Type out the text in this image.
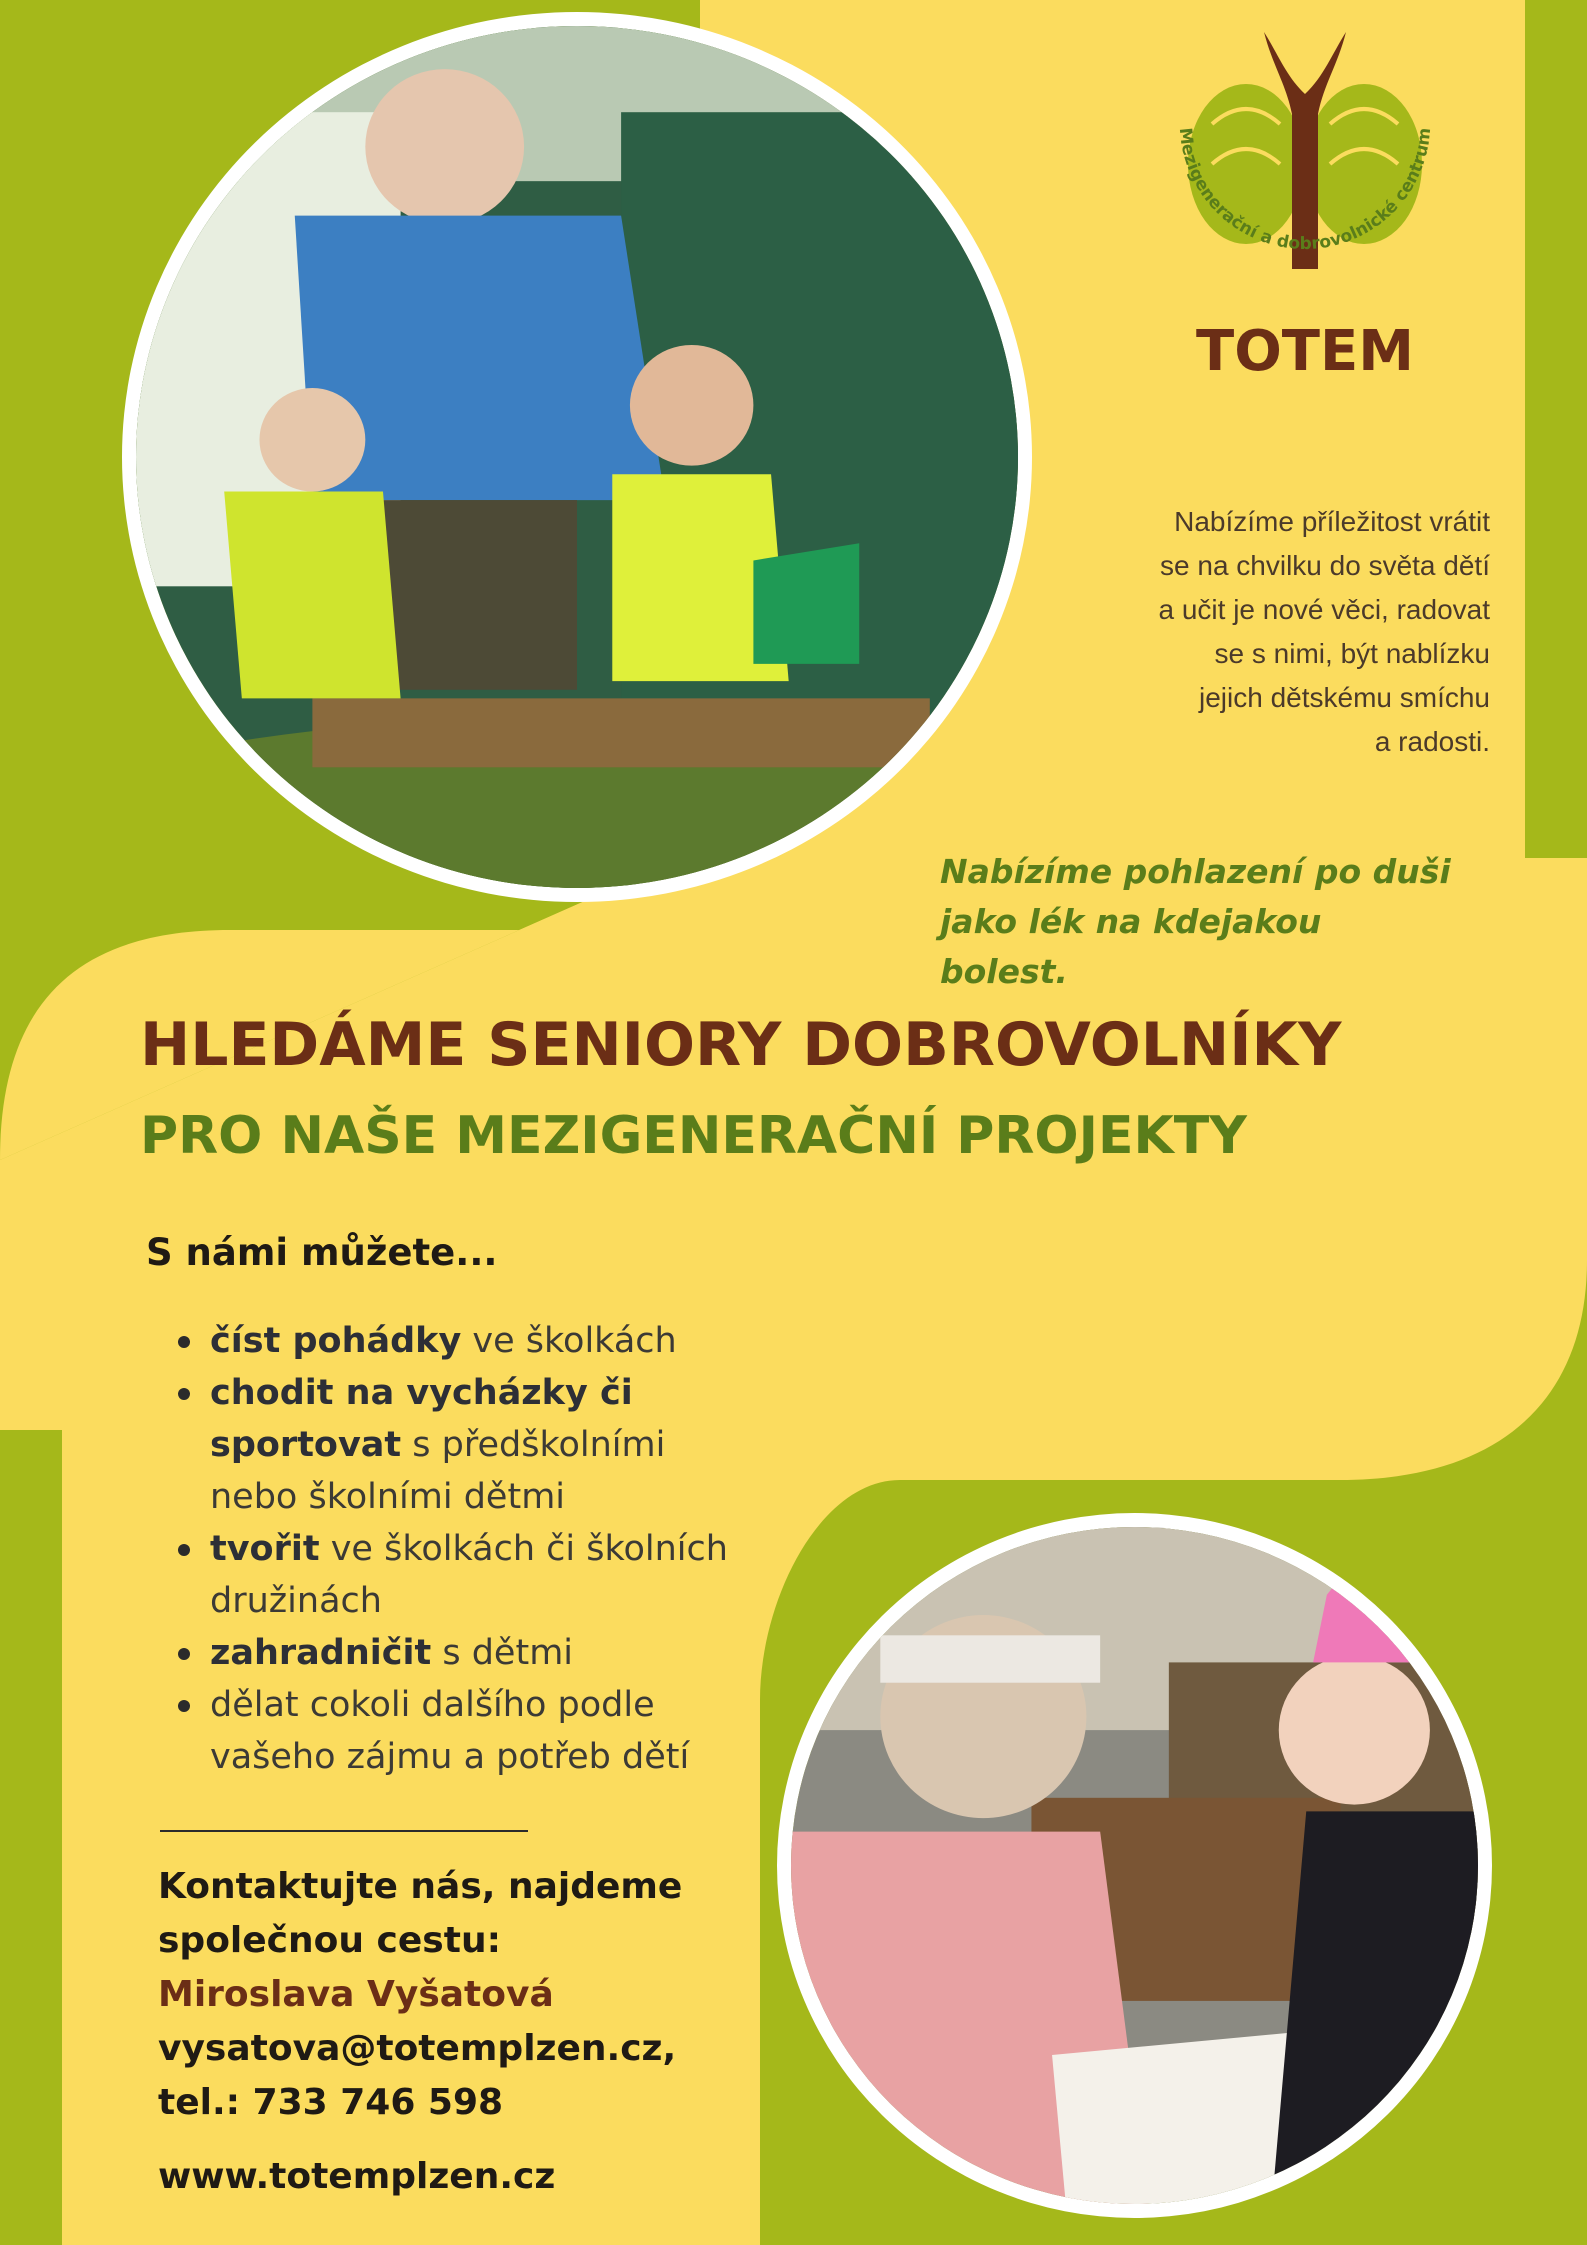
Mezigenerační a dobrovolnické centrum
TOTEM
Nabízíme příležitost vrátit
se na chvilku do světa dětí
a učit je nové věci, radovat
se s nimi, být nablízku
jejich dětskému smíchu
a radosti.
Nabízíme pohlazení po duši
jako lék na kdejakou bolest.
HLEDÁME SENIORY DOBROVOLNÍKY
PRO NAŠE MEZIGENERAČNÍ PROJEKTY
S námi můžete...
číst pohádky ve školkách
chodit na vycházky či sportovat s předškolními nebo školními dětmi
tvořit ve školkách či školních družinách
zahradničit s dětmi
dělat cokoli dalšího podle vašeho zájmu a potřeb dětí
Kontaktujte nás, najdeme
společnou cestu:
Miroslava Vyšatová
vysatova@totemplzen.cz,
tel.: 733 746 598
www.totemplzen.cz
